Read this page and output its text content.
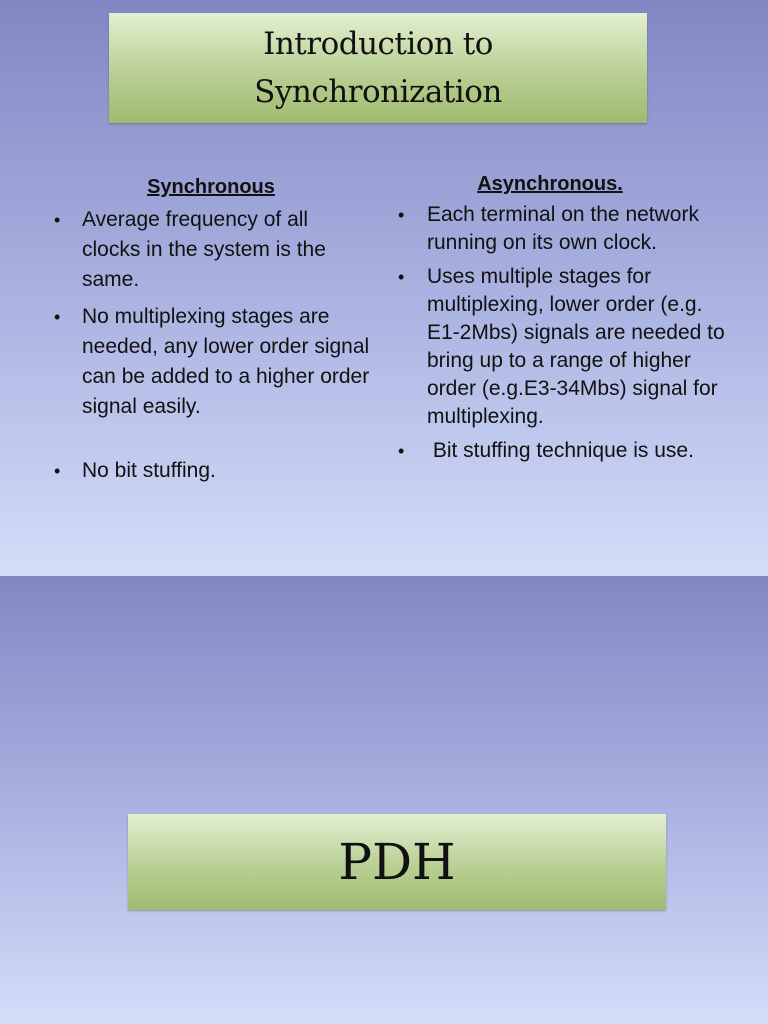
Introduction to
Synchronization
Synchronous
• Average frequency of all clocks in the system is the same.
• No multiplexing stages are needed, any lower order signal can be added to a higher order signal easily.
• No bit stuffing.
Asynchronous.
• Each terminal on the network running on its own clock.
• Uses multiple stages for multiplexing, lower order (e.g. E1-2Mbs) signals are needed to bring up to a range of higher order (e.g.E3-34Mbs) signal for multiplexing.
• Bit stuffing technique is use.
PDH
